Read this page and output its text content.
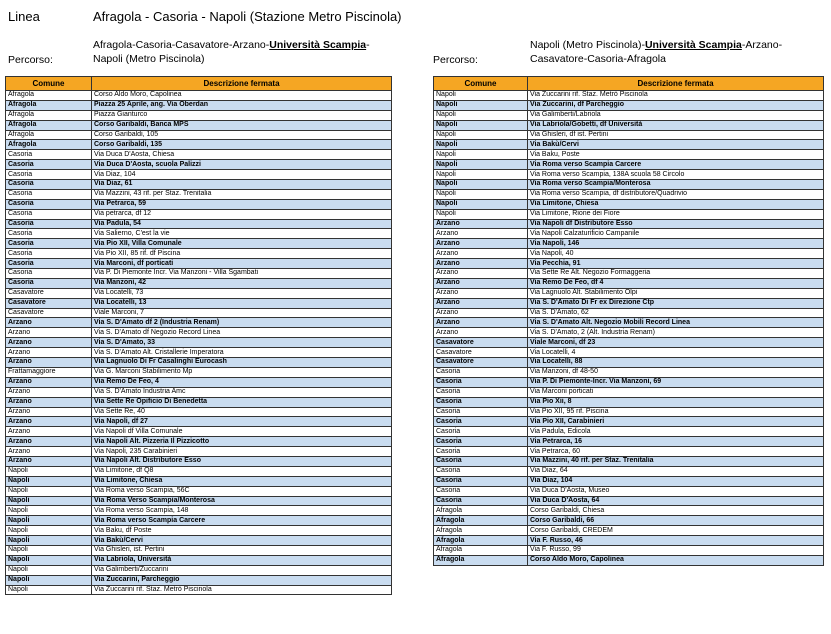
Linea	Afragola - Casoria - Napoli (Stazione Metro Piscinola)
Afragola-Casoria-Casavatore-Arzano-Università Scampia-
Napoli (Metro Piscinola)
Percorso:
Napoli (Metro Piscinola)-Università Scampia-Arzano-
Casavatore-Casoria-Afragola
Percorso:
Comune	Descrizione fermata
Afragola	Corso Aldo Moro, Capolinea
Afragola	Piazza 25 Aprile, ang. Via Oberdan
Afragola	Piazza Gianturco
Afragola	Corso Garibaldi, Banca MPS
Afragola	Corso Garibaldi, 105
Afragola	Corso Garibaldi, 135
Casoria	Via Duca D'Aosta, Chiesa
Casoria	Via Duca D'Aosta, scuola Palizzi
Casoria	Via Diaz, 104
Casoria	Via Diaz, 61
Casoria	Via Mazzini, 43 rif. per Staz. Trenitalia
Casoria	Via Petrarca, 59
Casoria	Via petrarca, df 12
Casoria	Via Padula, 54
Casoria	Via Salierno, C'est la vie
Casoria	Via Pio XII, Villa Comunale
Casoria	Via Pio XII, 85 rif. df Piscina
Casoria	Via Marconi, df porticati
Casoria	Via P. Di Piemonte Incr. Via Manzoni - Villa Sgambati
Casoria	Via Manzoni, 42
Casavatore	Via Locatelli, 73
Casavatore	Via Locatelli, 13
Casavatore	Viale Marconi, 7
Arzano	Via S. D'Amato df 2 (Industria Renam)
Arzano	Via S. D'Amato df Negozio Record Linea
Arzano	Via S. D'Amato, 33
Arzano	Via S. D'Amato Alt. Cristallerie Imperatora
Arzano	Via Lagnuolo Di Fr Casalinghi Eurocash
Frattamaggiore	Via G. Marconi Stabilimento Mp
Arzano	Via Remo De Feo, 4
Arzano	Via S. D'Amato Industria Amc
Arzano	Via Sette Re Opificio Di Benedetta
Arzano	Via Sette Re, 40
Arzano	Via Napoli, df 27
Arzano	Via Napoli df Villa Comunale
Arzano	Via Napoli Alt. Pizzeria Il Pizzicotto
Arzano	Via Napoli, 235 Carabinieri
Arzano	Via Napoli Alt. Distributore Esso
Napoli	Via Limitone, df Q8
Napoli	Via Limitone, Chiesa
Napoli	Via Roma verso Scampia, 56C
Napoli	Via Roma Verso Scampia/Monterosa
Napoli	Via Roma verso Scampia, 148
Napoli	Via Roma verso Scampia Carcere
Napoli	Via Baku, df Poste
Napoli	Via Bakù/Cervi
Napoli	Via Ghisleri, ist. Pertini
Napoli	Via Labriola, Università
Napoli	Via Galimberti/Zuccarini
Napoli	Via Zuccarini, Parcheggio
Napoli	Via Zuccarini rif. Staz. Metrò Piscinola
Comune	Descrizione fermata
Napoli	Via Zuccarini rif. Staz. Metrò Piscinola
Napoli	Via Zuccarini, df Parcheggio
Napoli	Via Galimberti/Labriola
Napoli	Via Labriola/Gobetti, df Università
Napoli	Via Ghisleri, df ist. Pertini
Napoli	Via Bakù/Cervi
Napoli	Via Baku, Poste
Napoli	Via Roma verso Scampia Carcere
Napoli	Via Roma verso Scampia, 138A scuola 58 Circolo
Napoli	Via Roma verso Scampia/Monterosa
Napoli	Via Roma verso Scampia, df distributore/Quadrivio
Napoli	Via Limitone, Chiesa
Napoli	Via Limitone, Rione dei Fiore
Arzano	Via Napoli df Distributore Esso
Arzano	Via Napoli Calzaturificio Campanile
Arzano	Via Napoli, 146
Arzano	Via Napoli, 40
Arzano	Via Pecchia, 91
Arzano	Via Sette Re Alt. Negozio Formaggeria
Arzano	Via Remo De Feo, df 4
Arzano	Via Lagnuolo Alt. Stabilimento Olpi
Arzano	Via S. D'Amato Di Fr ex Direzione Ctp
Arzano	Via S. D'Amato, 62
Arzano	Via S. D'Amato Alt. Negozio Mobili Record Linea
Arzano	Via S. D'Amato, 2 (Alt. Industria Renam)
Casavatore	Viale Marconi, df 23
Casavatore	Via Locatelli, 4
Casavatore	Via Locatelli, 88
Casoria	Via Manzoni, df 48-50
Casoria	Via P. Di Piemonte-Incr. Via Manzoni, 69
Casoria	Via Marconi porticati
Casoria	Via Pio Xii, 8
Casoria	Via Pio XII, 95 rif. Piscina
Casoria	Via Pio XII, Carabinieri
Casoria	Via Padula, Edicola
Casoria	Via Petrarca, 16
Casoria	Via Petrarca, 60
Casoria	Via Mazzini, 40 rif. per Staz. Trenitalia
Casoria	Via Diaz, 64
Casoria	Via Diaz, 104
Casoria	Via Duca D'Aosta, Museo
Casoria	Via Duca D'Aosta, 64
Afragola	Corso Garibaldi, Chiesa
Afragola	Corso Garibaldi, 66
Afragola	Corso Garibaldi, CREDEM
Afragola	Via F. Russo, 46
Afragola	Via F. Russo, 99
Afragola	Corso Aldo Moro, Capolinea
